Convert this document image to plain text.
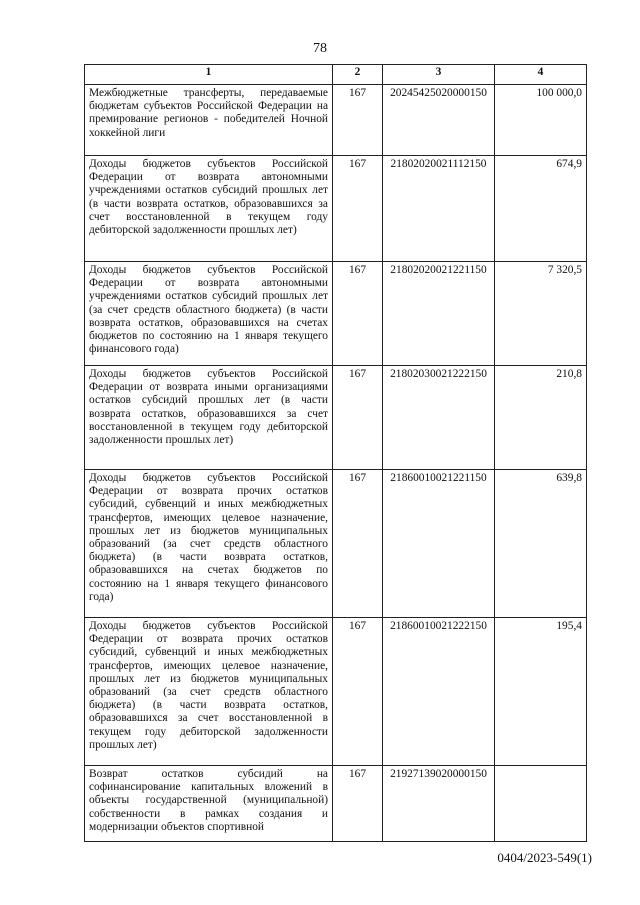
78
1	2	3	4
Межбюджетные трансферты, передаваемые бюджетам субъектов Российской Федерации на премирование регионов - победителей Ночной хоккейной лиги	167	20245425020000150	100 000,0
Доходы бюджетов субъектов Российской Федерации от возврата автономными учреждениями остатков субсидий прошлых лет (в части возврата остатков, образовавшихся за счет восстановленной в текущем году дебиторской задолженности прошлых лет)	167	21802020021112150	674,9
Доходы бюджетов субъектов Российской Федерации от возврата автономными учреждениями остатков субсидий прошлых лет (за счет средств областного бюджета) (в части возврата остатков, образовавшихся на счетах бюджетов по состоянию на 1 января текущего финансового года)	167	21802020021221150	7 320,5
Доходы бюджетов субъектов Российской Федерации от возврата иными организациями остатков субсидий прошлых лет (в части возврата остатков, образовавшихся за счет восстановленной в текущем году дебиторской задолженности прошлых лет)	167	21802030021222150	210,8
Доходы бюджетов субъектов Российской Федерации от возврата прочих остатков субсидий, субвенций и иных межбюджетных трансфертов, имеющих целевое назначение, прошлых лет из бюджетов муниципальных образований (за счет средств областного бюджета) (в части возврата остатков, образовавшихся на счетах бюджетов по состоянию на 1 января текущего финансового года)	167	21860010021221150	639,8
Доходы бюджетов субъектов Российской Федерации от возврата прочих остатков субсидий, субвенций и иных межбюджетных трансфертов, имеющих целевое назначение, прошлых лет из бюджетов муниципальных образований (за счет средств областного бюджета) (в части возврата остатков, образовавшихся за счет восстановленной в текущем году дебиторской задолженности прошлых лет)	167	21860010021222150	195,4
Возврат остатков субсидий на софинансирование капитальных вложений в объекты государственной (муниципальной) собственности в рамках создания и модернизации объектов спортивной	167	21927139020000150	
0404/2023-549(1)
